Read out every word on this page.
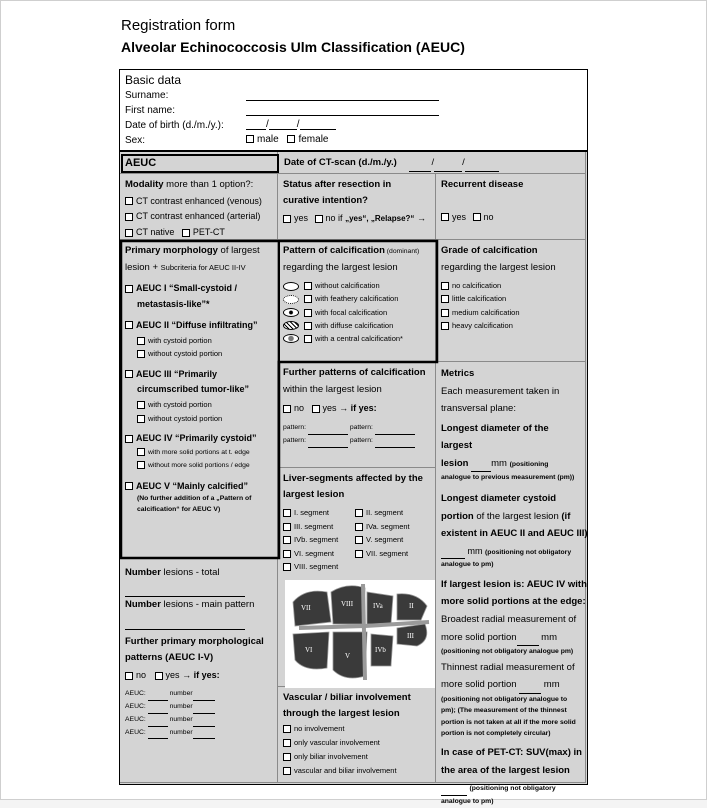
Registration form
Alveolar Echinococcosis Ulm Classification (AEUC)
Basic data
Surname:
First name:
Date of birth (d./m./y.):	/	/
Sex:	male female
AEUC	Date of CT-scan (d./m./y.)	/	/
Modality more than 1 option?:
CT contrast enhanced (venous)
CT contrast enhanced (arterial)
CT native PET-CT
Status after resection in curative intention?
yes no if „yes“, „Relapse?“ →
Recurrent disease
yes no
Primary morphology of largest
lesion + Subcriteria for AEUC II-IV
AEUC I “Small-cystoid /
metastasis-like”*
AEUC II “Diffuse infiltrating”
with cystoid portion
without cystoid portion
AEUC III “Primarily
circumscribed tumor-like”
with cystoid portion
without cystoid portion
AEUC IV “Primarily cystoid”
with more solid portions at t. edge
without more solid portions / edge
AEUC V “Mainly calcified”
(No further addition of a „Pattern of
calcification“ for AEUC V)
Pattern of calcification (dominant)
regarding the largest lesion
without calcification
with feathery calcification
with focal calcification
with diffuse calcification
with a central calcification*
Grade of calcification
regarding the largest lesion
no calcification
little calcification
medium calcification
heavy calcification
Further patterns of calcification
within the largest lesion
no yes → if yes:
pattern:	pattern:
pattern:	pattern:
Liver-segments affected by the largest lesion
I. segment	II. segment
III. segment	IVa. segment
IVb. segment	V. segment
VI. segment	VII. segment
VIII. segment
VII	VIII	IVa	II
III
VI
V
IVb
Vascular / biliar involvement through the largest lesion
no involvement
only vascular involvement
only biliar involvement
vascular and biliar involvement
Metrics
Each measurement taken in
transversal plane:
Longest diameter of the largest
lesion mm (positioning
analogue to previous measurement (pm))
Longest diameter cystoid
portion of the largest lesion (if
existent in AEUC II and AEUC III)
mm (positioning not obligatory
analogue to pm)
If largest lesion is: AEUC IV with
more solid portions at the edge:
Broadest radial measurement of
more solid portion	mm
(positioning not obligatory analogue pm)
Thinnest radial measurement of
more solid portion	mm
(positioning not obligatory analogue to
pm); (The measurement of the thinnest
portion is not taken at all if the more solid
portion is not completely circular)
In case of PET-CT: SUV(max) in
the area of the largest lesion
(positioning not obligatory
analogue to pm)
Number lesions - total
Number lesions - main pattern
Further primary morphological patterns (AEUC I-V)
no yes → if yes:
AEUC:	number
AEUC:	number
AEUC:	number
AEUC:	number
